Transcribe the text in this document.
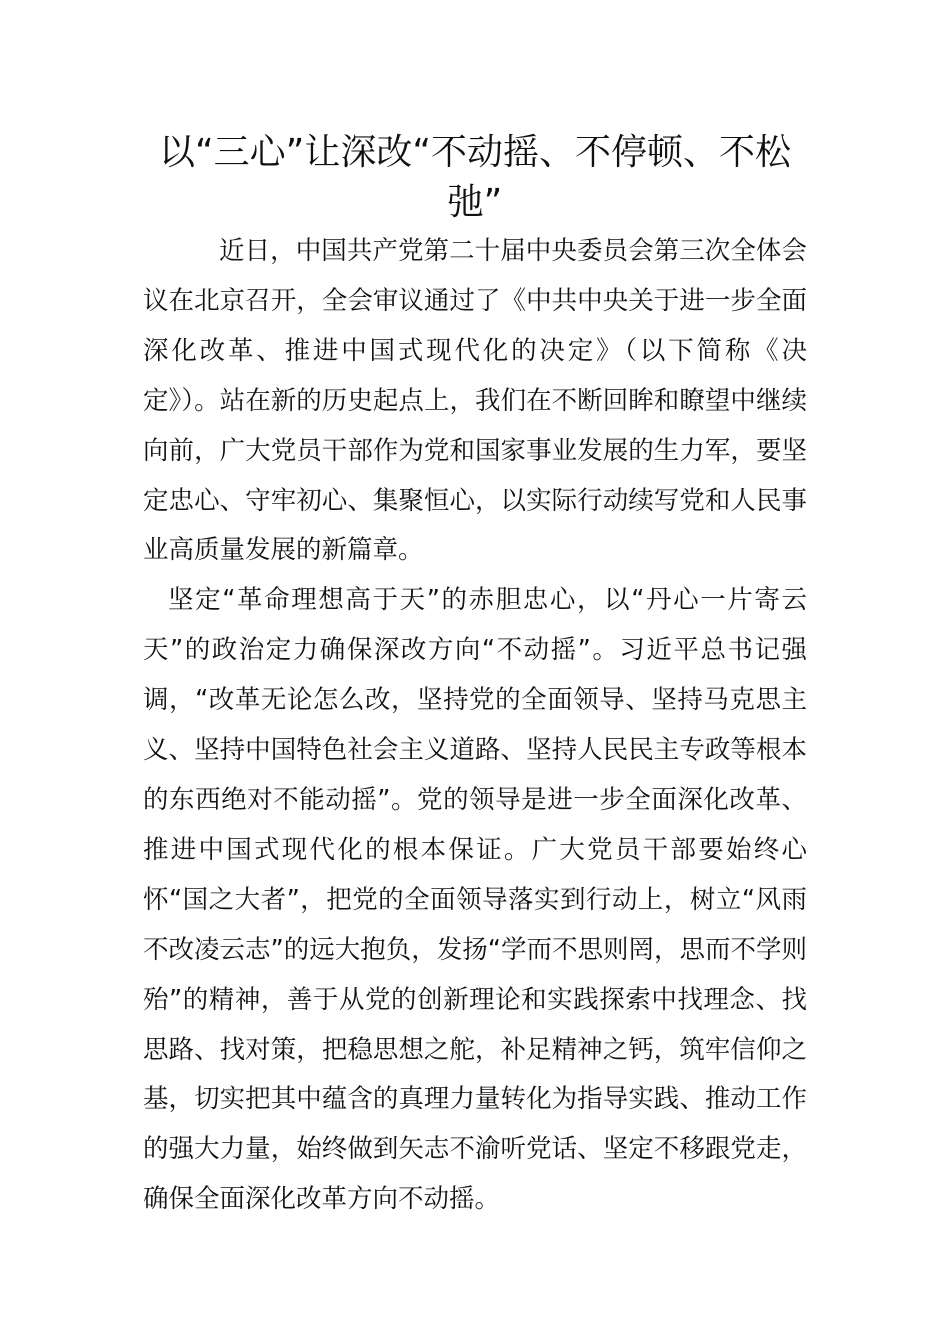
以“三心”让深改“不动摇、不停顿、不松弛”

近日，中国共产党第二十届中央委员会第三次全体会议在北京召开，全会审议通过了《中共中央关于进一步全面深化改革、推进中国式现代化的决定》（以下简称《决定》）。站在新的历史起点上，我们在不断回眸和瞭望中继续向前，广大党员干部作为党和国家事业发展的生力军，要坚定忠心、守牢初心、集聚恒心，以实际行动续写党和人民事业高质量发展的新篇章。

坚定“革命理想高于天”的赤胆忠心，以“丹心一片寄云天”的政治定力确保深改方向“不动摇”。习近平总书记强调，“改革无论怎么改，坚持党的全面领导、坚持马克思主义、坚持中国特色社会主义道路、坚持人民民主专政等根本的东西绝对不能动摇”。党的领导是进一步全面深化改革、推进中国式现代化的根本保证。广大党员干部要始终心怀“国之大者”，把党的全面领导落实到行动上，树立“风雨不改凌云志”的远大抱负，发扬“学而不思则罔，思而不学则殆”的精神，善于从党的创新理论和实践探索中找理念、找思路、找对策，把稳思想之舵，补足精神之钙，筑牢信仰之基，切实把其中蕴含的真理力量转化为指导实践、推动工作的强大力量，始终做到矢志不渝听党话、坚定不移跟党走，确保全面深化改革方向不动摇。
